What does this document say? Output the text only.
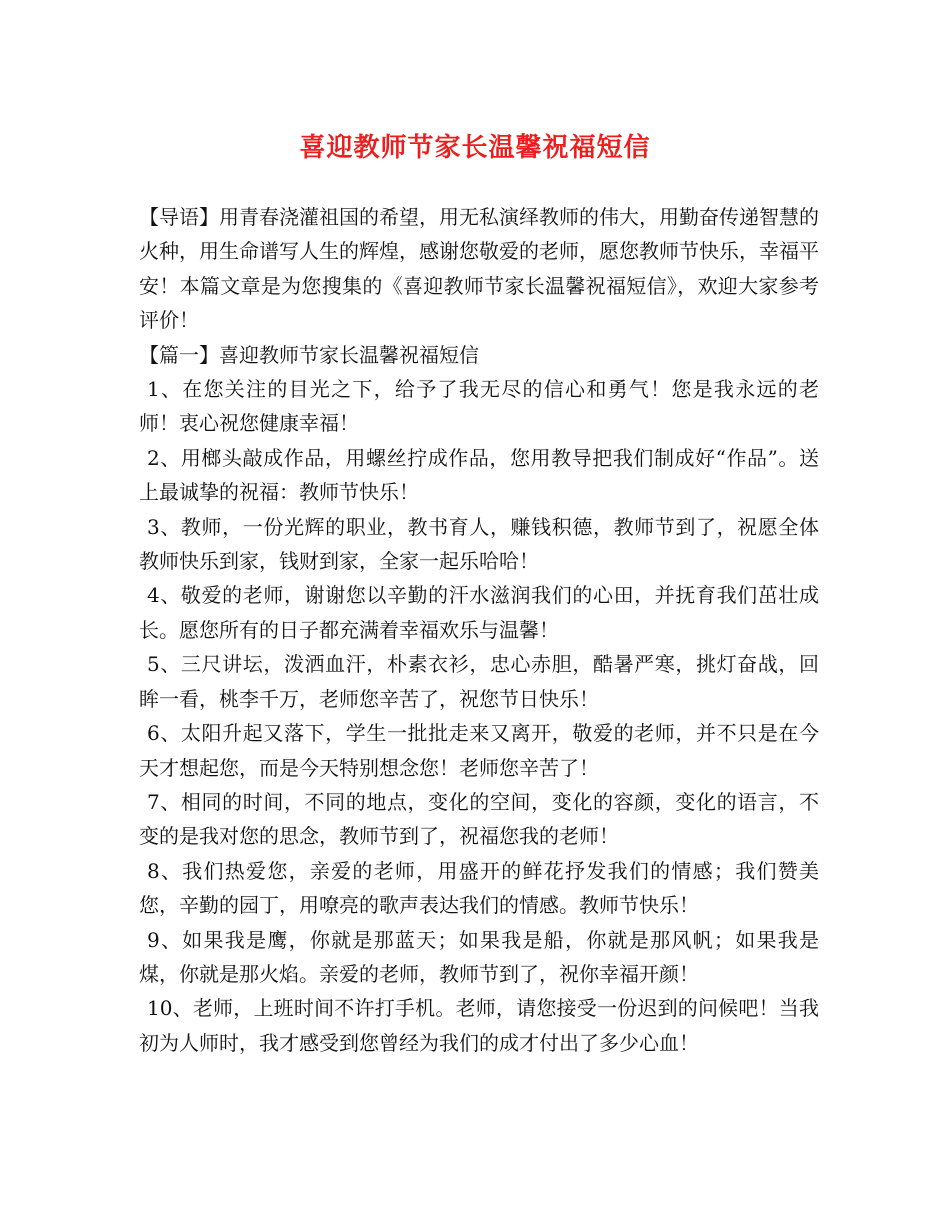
喜迎教师节家长温馨祝福短信

【导语】用青春浇灌祖国的希望，用无私演绎教师的伟大，用勤奋传递智慧的火种，用生命谱写人生的辉煌，感谢您敬爱的老师，愿您教师节快乐，幸福平安！本篇文章是为您搜集的《喜迎教师节家长温馨祝福短信》，欢迎大家参考评价！

【篇一】喜迎教师节家长温馨祝福短信

1、在您关注的目光之下，给予了我无尽的信心和勇气！您是我永远的老师！衷心祝您健康幸福！

2、用榔头敲成作品，用螺丝拧成作品，您用教导把我们制成好“作品”。送上最诚挚的祝福：教师节快乐！

3、教师，一份光辉的职业，教书育人，赚钱积德，教师节到了，祝愿全体教师快乐到家，钱财到家，全家一起乐哈哈！

4、敬爱的老师，谢谢您以辛勤的汗水滋润我们的心田，并抚育我们茁壮成长。愿您所有的日子都充满着幸福欢乐与温馨！

5、三尺讲坛，泼洒血汗，朴素衣衫，忠心赤胆，酷暑严寒，挑灯奋战，回眸一看，桃李千万，老师您辛苦了，祝您节日快乐！

6、太阳升起又落下，学生一批批走来又离开，敬爱的老师，并不只是在今天才想起您，而是今天特别想念您！老师您辛苦了！

7、相同的时间，不同的地点，变化的空间，变化的容颜，变化的语言，不变的是我对您的思念，教师节到了，祝福您我的老师！

8、我们热爱您，亲爱的老师，用盛开的鲜花抒发我们的情感；我们赞美您，辛勤的园丁，用嘹亮的歌声表达我们的情感。教师节快乐！

9、如果我是鹰，你就是那蓝天；如果我是船，你就是那风帆；如果我是煤，你就是那火焰。亲爱的老师，教师节到了，祝你幸福开颜！

10、老师，上班时间不许打手机。老师，请您接受一份迟到的问候吧！当我初为人师时，我才感受到您曾经为我们的成才付出了多少心血！
